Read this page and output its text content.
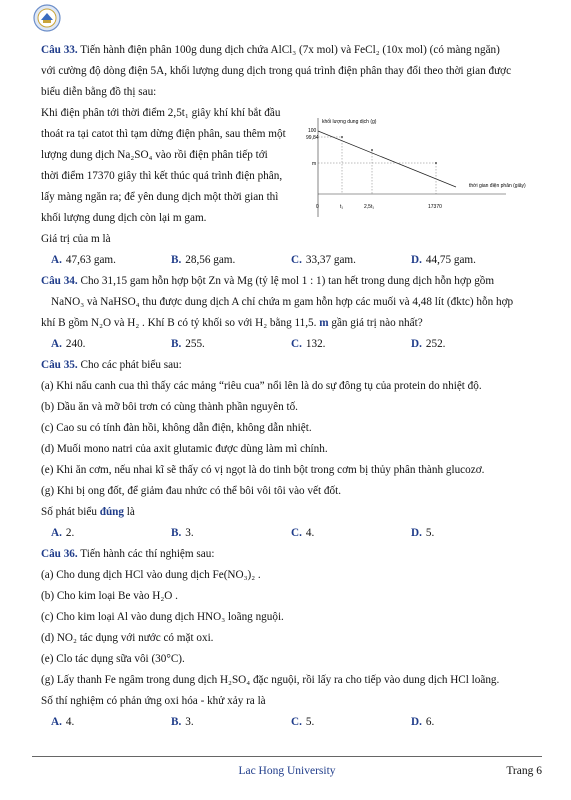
Câu 33. Tiến hành điện phân 100g dung dịch chứa AlCl₃ (7x mol) và FeCl₂ (10x mol) (có màng ngăn)
với cường độ dòng điện 5A, khối lượng dung dịch trong quá trình điện phân thay đổi theo thời gian được
biểu diễn bằng đồ thị sau:
Khi điện phân tới thời điểm 2,5t₁ giây khí khí bắt đầu
thoát ra tại catot thì tạm dừng điện phân, sau thêm một
lượng dung dịch Na₂SO₄ vào rồi điện phân tiếp tới
thời điểm 17370 giây thì kết thúc quá trình điện phân,
lấy màng ngăn ra; để yên dung dịch một thời gian thì
khối lượng dung dịch còn lại m gam.
Giá trị của m là
A. 47,63 gam.	B. 28,56 gam.	C. 33,37 gam.	D. 44,75 gam.
Câu 34. Cho 31,15 gam hỗn hợp bột Zn và Mg (tỷ lệ mol 1 : 1) tan hết trong dung dịch hỗn hợp gồm
NaNO₃ và NaHSO₄ thu được dung dịch A chỉ chứa m gam hỗn hợp các muối và 4,48 lít (đktc) hỗn hợp
khí B gồm N₂O và H₂ . Khí B có tỷ khối so với H₂ bằng 11,5. m gần giá trị nào nhất?
A. 240.	B. 255.	C. 132.	D. 252.
Câu 35. Cho các phát biểu sau:
(a) Khi nấu canh cua thì thấy các mảng “riêu cua” nổi lên là do sự đông tụ của protein do nhiệt độ.
(b) Dầu ăn và mỡ bôi trơn có cùng thành phần nguyên tố.
(c) Cao su có tính đàn hồi, không dẫn điện, không dẫn nhiệt.
(d) Muối mono natri của axit glutamic được dùng làm mì chính.
(e) Khi ăn cơm, nếu nhai kĩ sẽ thấy có vị ngọt là do tinh bột trong cơm bị thủy phân thành glucozơ.
(g) Khi bị ong đốt, để giảm đau nhức có thể bôi vôi tôi vào vết đốt.
Số phát biểu đúng là
A. 2.	B. 3.	C. 4.	D. 5.
Câu 36. Tiến hành các thí nghiệm sau:
(a) Cho dung dịch HCl vào dung dịch Fe(NO₃)₂ .
(b) Cho kim loại Be vào H₂O .
(c) Cho kim loại Al vào dung dịch HNO₃ loãng nguội.
(d) NO₂ tác dụng với nước có mặt oxi.
(e) Clo tác dụng sữa vôi (30°C).
(g) Lấy thanh Fe ngâm trong dung dịch H₂SO₄ đặc nguội, rồi lấy ra cho tiếp vào dung dịch HCl loãng.
Số thí nghiệm có phản ứng oxi hóa - khử xảy ra là
A. 4.	B. 3.	C. 5.	D. 6.
khối lượng dung dịch (g)
thời gian điện phân (giây)
100
99,84
m
0	t₁	2,5t₁	17370
Lac Hong University	Trang 6
